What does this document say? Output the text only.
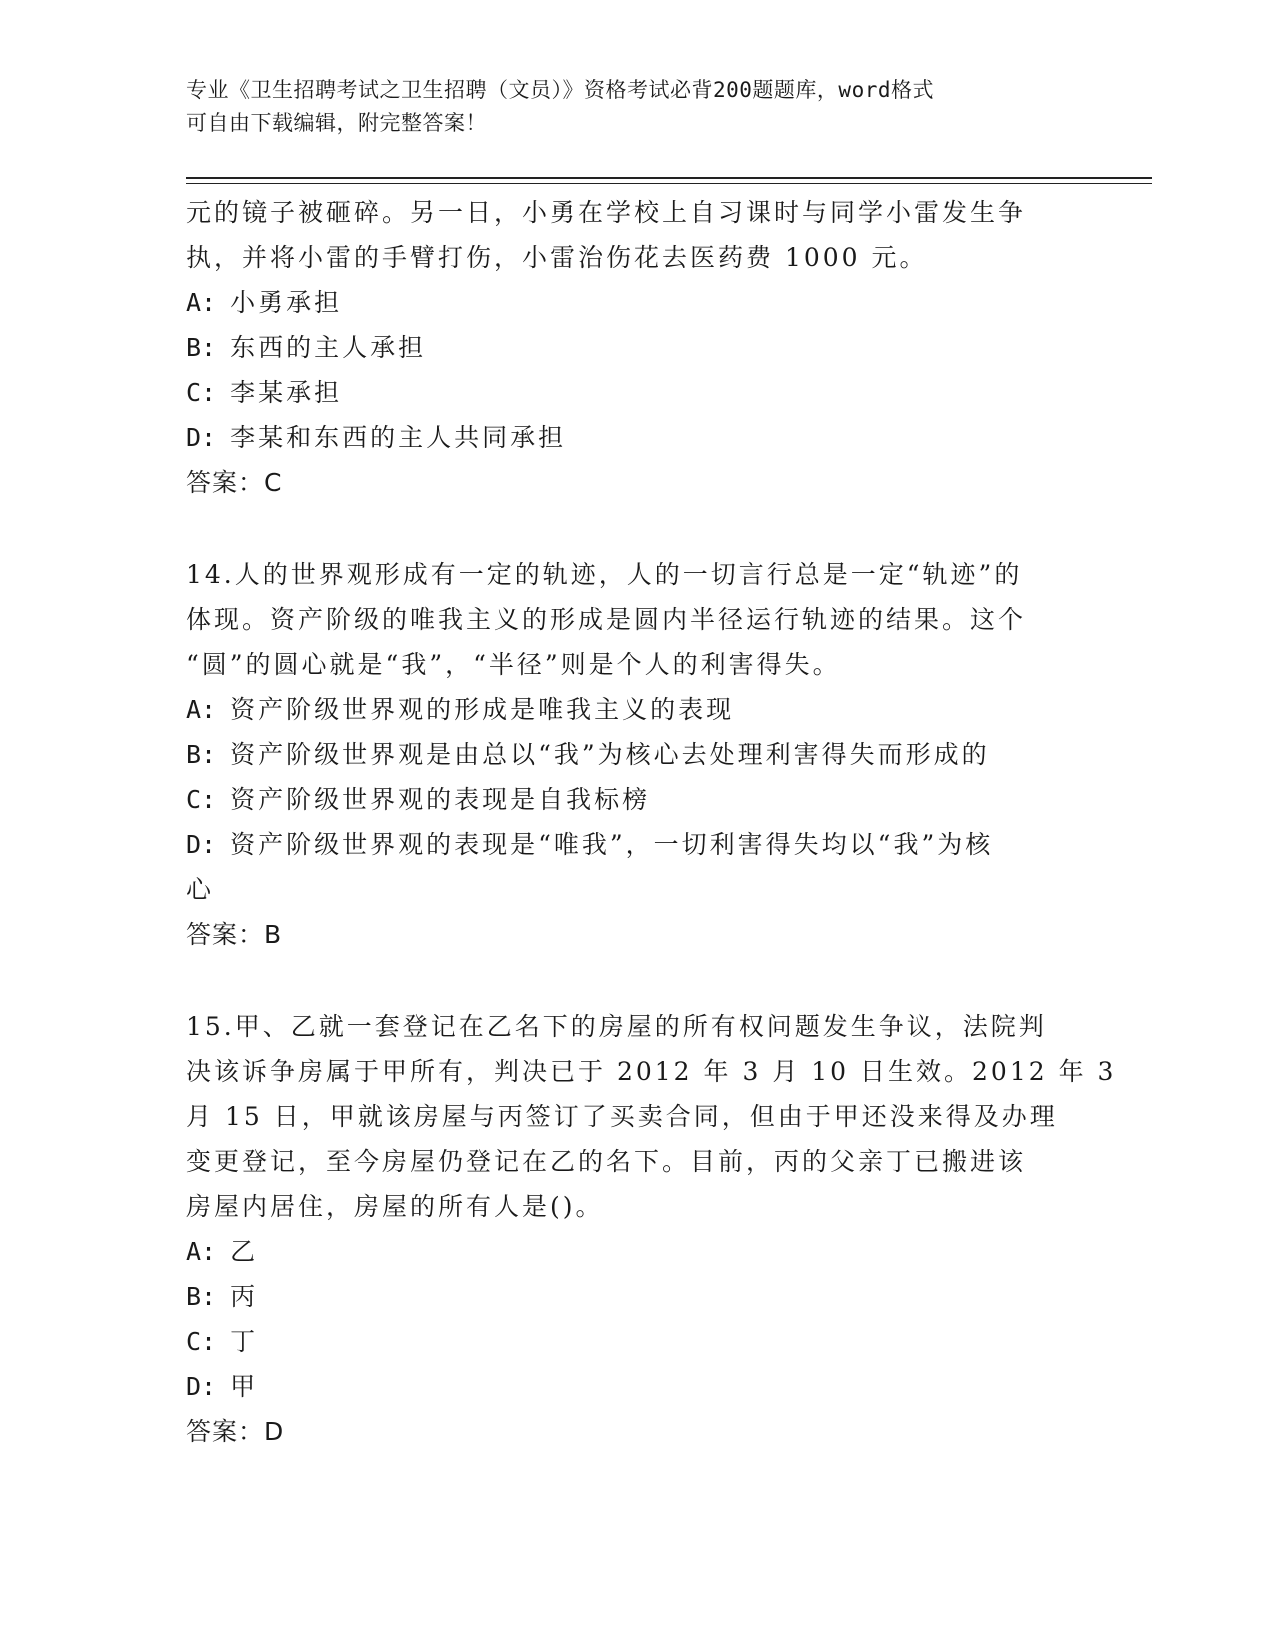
专业《卫生招聘考试之卫生招聘（文员）》资格考试必背200题题库，word格式
可自由下载编辑，附完整答案！
元的镜子被砸碎。另一日，小勇在学校上自习课时与同学小雷发生争
执，并将小雷的手臂打伤，小雷治伤花去医药费 1000 元。
A: 小勇承担
B: 东西的主人承担
C: 李某承担
D: 李某和东西的主人共同承担
答案：C
14.人的世界观形成有一定的轨迹，人的一切言行总是一定“轨迹”的
体现。资产阶级的唯我主义的形成是圆内半径运行轨迹的结果。这个
“圆”的圆心就是“我”，“半径”则是个人的利害得失。
A: 资产阶级世界观的形成是唯我主义的表现
B: 资产阶级世界观是由总以“我”为核心去处理利害得失而形成的
C: 资产阶级世界观的表现是自我标榜
D: 资产阶级世界观的表现是“唯我”，一切利害得失均以“我”为核
心
答案：B
15.甲、乙就一套登记在乙名下的房屋的所有权问题发生争议，法院判
决该诉争房属于甲所有，判决已于 2012 年 3 月 10 日生效。2012 年 3
月 15 日，甲就该房屋与丙签订了买卖合同，但由于甲还没来得及办理
变更登记，至今房屋仍登记在乙的名下。目前，丙的父亲丁已搬进该
房屋内居住，房屋的所有人是()。
A: 乙
B: 丙
C: 丁
D: 甲
答案：D
